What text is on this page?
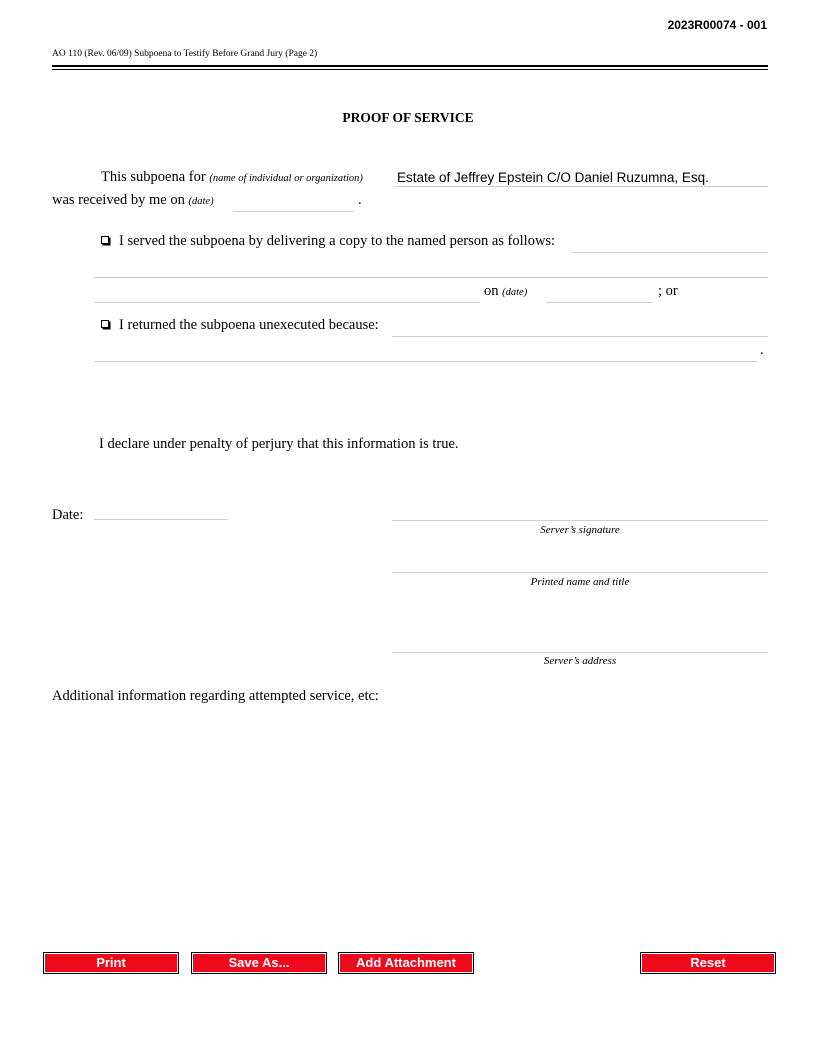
2023R00074 - 001
AO 110 (Rev. 06/09) Subpoena to Testify Before Grand Jury (Page 2)
PROOF OF SERVICE
This subpoena for (name of individual or organization)
Estate of Jeffrey Epstein C/O Daniel Ruzumna, Esq.
was received by me on (date)	.
I served the subpoena by delivering a copy to the named person as follows:
on (date)	; or
I returned the subpoena unexecuted because:
.
I declare under penalty of perjury that this information is true.
Date:
Server’s signature
Printed name and title
Server’s address
Additional information regarding attempted service, etc:
Print	Save As...	Add Attachment	Reset
